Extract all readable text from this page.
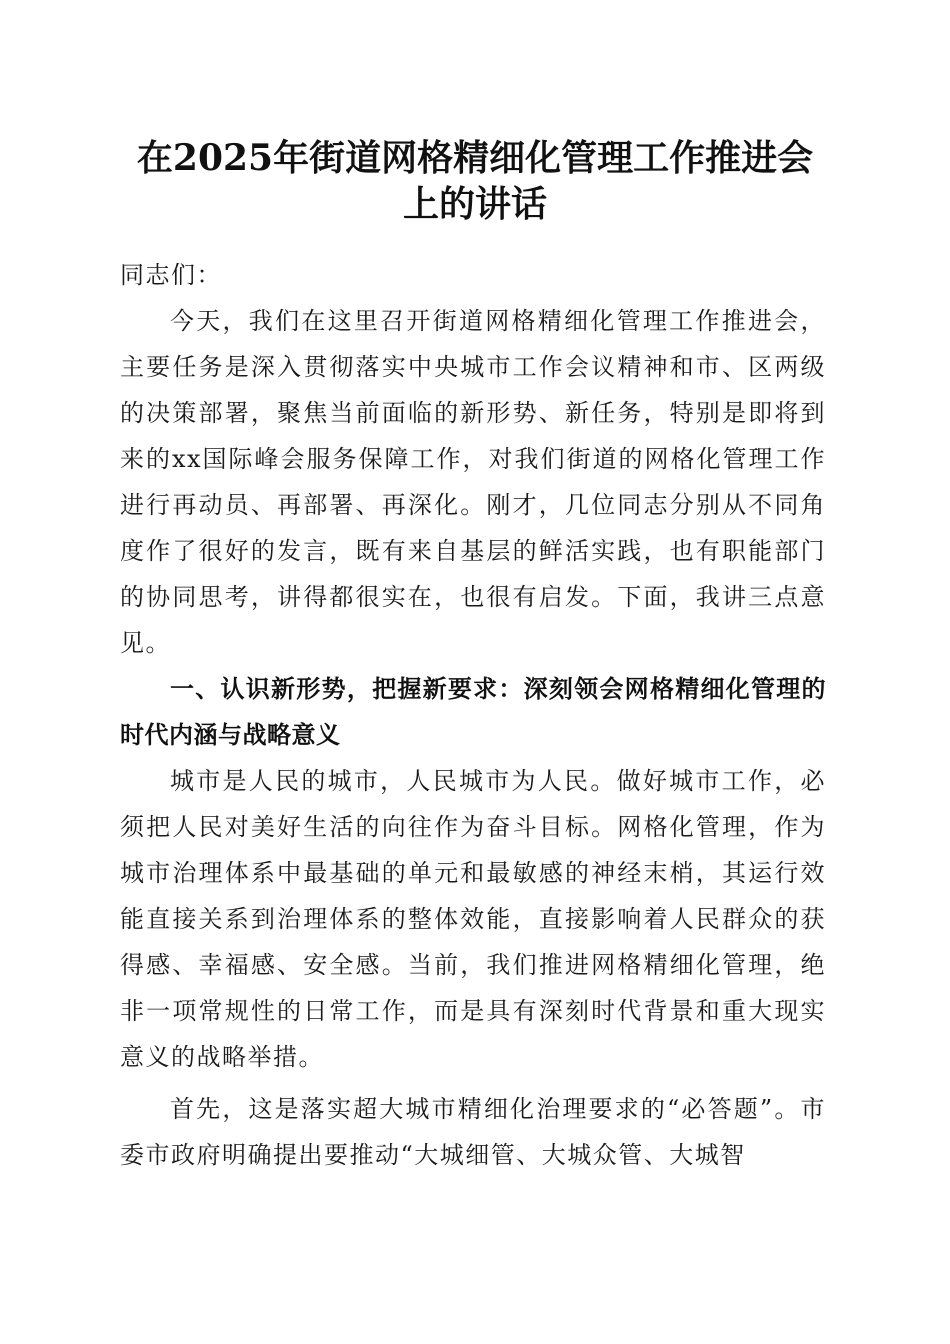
在2025年街道网格精细化管理工作推进会上的讲话

同志们：

今天，我们在这里召开街道网格精细化管理工作推进会，主要任务是深入贯彻落实中央城市工作会议精神和市、区两级的决策部署，聚焦当前面临的新形势、新任务，特别是即将到来的xx国际峰会服务保障工作，对我们街道的网格化管理工作进行再动员、再部署、再深化。刚才，几位同志分别从不同角度作了很好的发言，既有来自基层的鲜活实践，也有职能部门的协同思考，讲得都很实在，也很有启发。下面，我讲三点意见。

一、认识新形势，把握新要求：深刻领会网格精细化管理的时代内涵与战略意义

城市是人民的城市，人民城市为人民。做好城市工作，必须把人民对美好生活的向往作为奋斗目标。网格化管理，作为城市治理体系中最基础的单元和最敏感的神经末梢，其运行效能直接关系到治理体系的整体效能，直接影响着人民群众的获得感、幸福感、安全感。当前，我们推进网格精细化管理，绝非一项常规性的日常工作，而是具有深刻时代背景和重大现实意义的战略举措。

首先，这是落实超大城市精细化治理要求的“必答题”。市委市政府明确提出要推动“大城细管、大城众管、大城智
